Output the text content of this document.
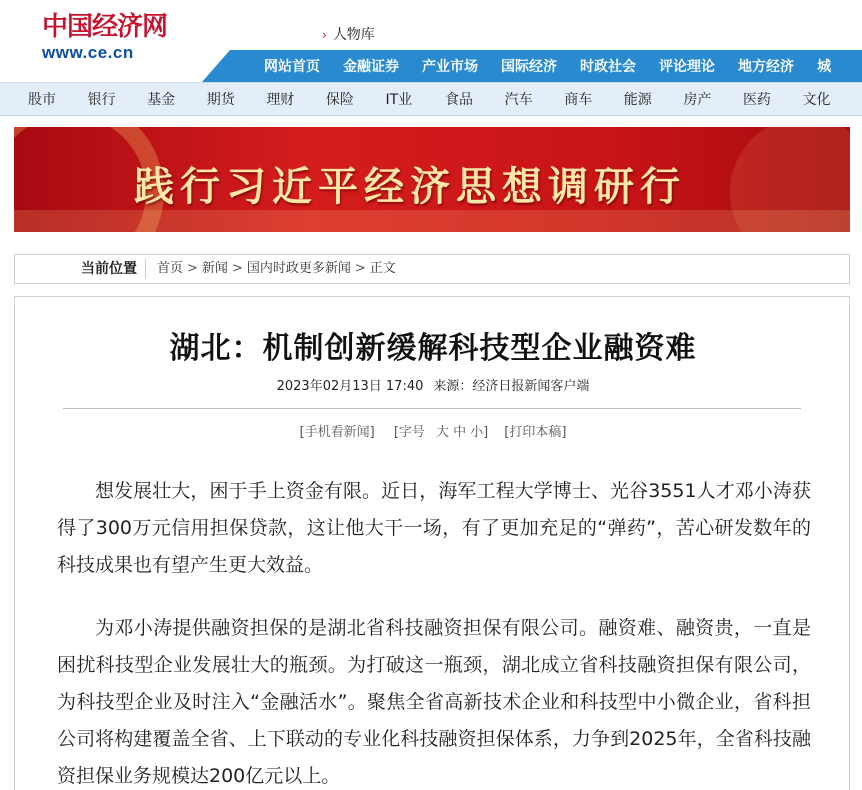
中国经济网
www.ce.cn
› 人物库
网站首页 金融证券 产业市场 国际经济 时政社会 评论理论 地方经济 城
股市	银行	基金	期货	理财	保险	IT业	食品	汽车	商车	能源	房产	医药	文化
践行习近平经济思想调研行
当前位置	首页 > 新闻 > 国内时政更多新闻 > 正文
湖北：机制创新缓解科技型企业融资难
2023年02月13日 17:40 来源：经济日报新闻客户端
[手机看新闻] [字号 大 中 小] [打印本稿]

想发展壮大，困于手上资金有限。近日，海军工程大学博士、光谷3551人才邓小涛获得了300万元信用担保贷款，这让他大干一场，有了更加充足的“弹药”，苦心研发数年的科技成果也有望产生更大效益。

为邓小涛提供融资担保的是湖北省科技融资担保有限公司。融资难、融资贵，一直是困扰科技型企业发展壮大的瓶颈。为打破这一瓶颈，湖北成立省科技融资担保有限公司，为科技型企业及时注入“金融活水”。聚焦全省高新技术企业和科技型中小微企业，省科担公司将构建覆盖全省、上下联动的专业化科技融资担保体系，力争到2025年，全省科技融资担保业务规模达200亿元以上。
